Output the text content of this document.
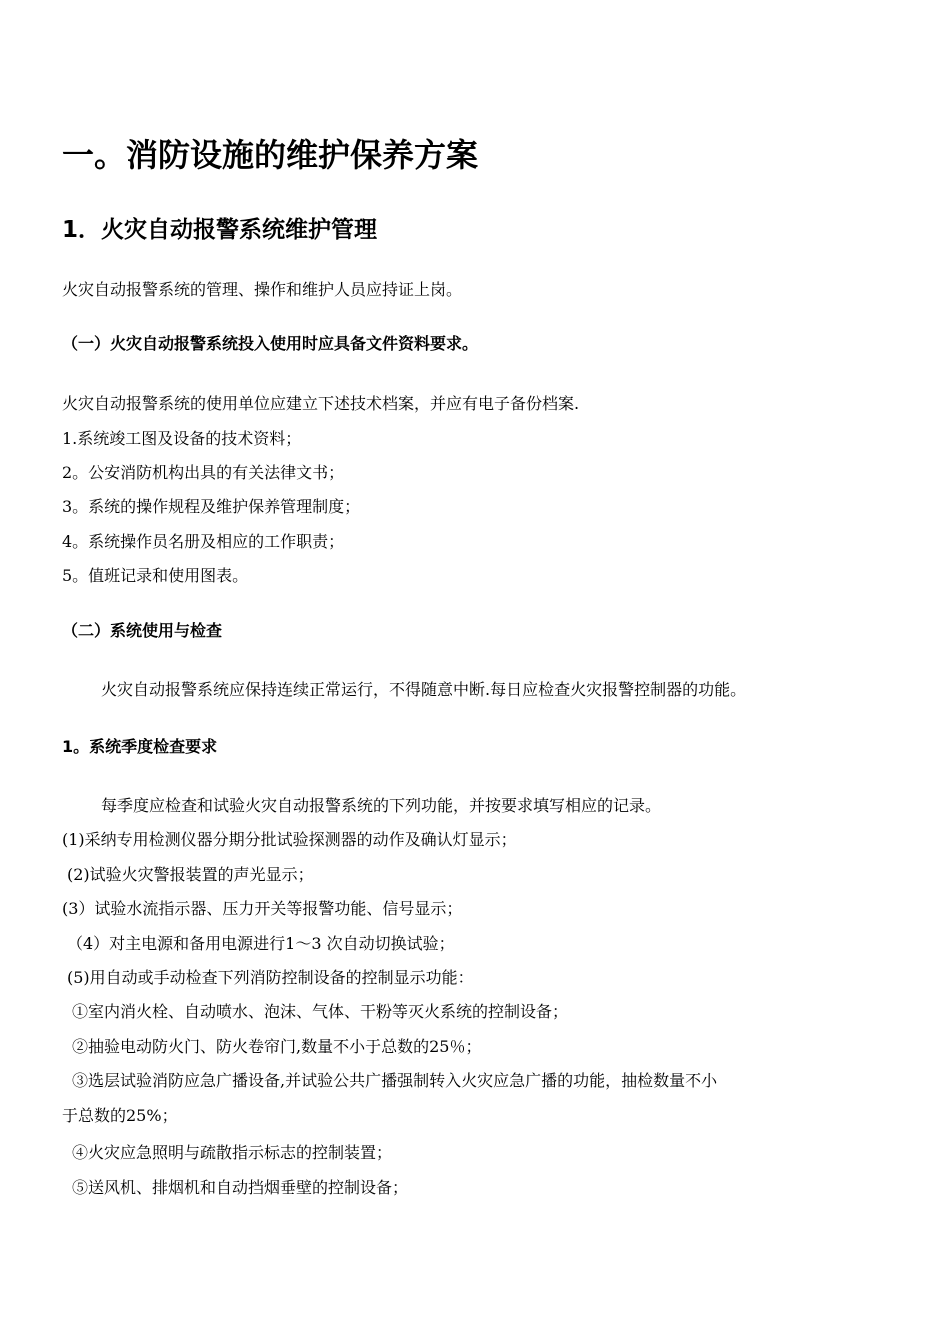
一。消防设施的维护保养方案
1．火灾自动报警系统维护管理
火灾自动报警系统的管理、操作和维护人员应持证上岗。
（一）火灾自动报警系统投入使用时应具备文件资料要求。
火灾自动报警系统的使用单位应建立下述技术档案，并应有电子备份档案.
1.系统竣工图及设备的技术资料；
2。公安消防机构出具的有关法律文书；
3。系统的操作规程及维护保养管理制度；
4。系统操作员名册及相应的工作职责；
5。值班记录和使用图表。
（二）系统使用与检查
火灾自动报警系统应保持连续正常运行，不得随意中断.每日应检查火灾报警控制器的功能。
1。系统季度检查要求
每季度应检查和试验火灾自动报警系统的下列功能，并按要求填写相应的记录。
(1)采纳专用检测仪器分期分批试验探测器的动作及确认灯显示；
(2)试验火灾警报装置的声光显示；
(3）试验水流指示器、压力开关等报警功能、信号显示；
（4）对主电源和备用电源进行1～3 次自动切换试验；
(5)用自动或手动检查下列消防控制设备的控制显示功能：
①室内消火栓、自动喷水、泡沫、气体、干粉等灭火系统的控制设备；
②抽验电动防火门、防火卷帘门,数量不小于总数的25％；
③选层试验消防应急广播设备,并试验公共广播强制转入火灾应急广播的功能，抽检数量不小
于总数的25%；
④火灾应急照明与疏散指示标志的控制装置；
⑤送风机、排烟机和自动挡烟垂壁的控制设备；
